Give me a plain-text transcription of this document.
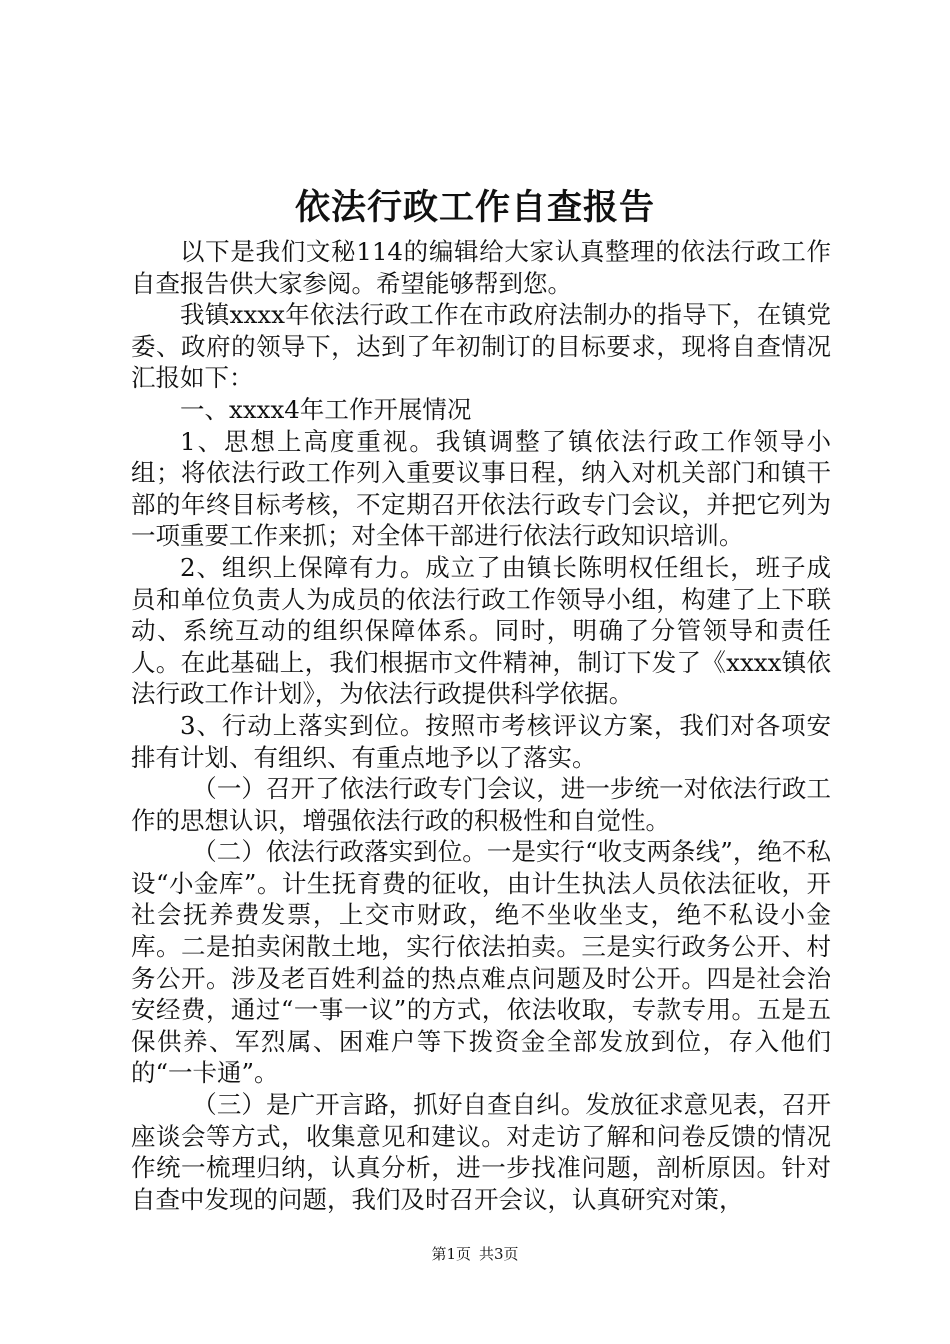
依法行政工作自查报告

以下是我们文秘114的编辑给大家认真整理的依法行政工作自查报告供大家参阅。希望能够帮到您。

我镇xxxx年依法行政工作在市政府法制办的指导下，在镇党委、政府的领导下，达到了年初制订的目标要求，现将自查情况汇报如下：

一、xxxx4年工作开展情况

1、思想上高度重视。我镇调整了镇依法行政工作领导小组；将依法行政工作列入重要议事日程，纳入对机关部门和镇干部的年终目标考核，不定期召开依法行政专门会议，并把它列为一项重要工作来抓；对全体干部进行依法行政知识培训。

2、组织上保障有力。成立了由镇长陈明权任组长，班子成员和单位负责人为成员的依法行政工作领导小组，构建了上下联动、系统互动的组织保障体系。同时，明确了分管领导和责任人。在此基础上，我们根据市文件精神，制订下发了《xxxx镇依法行政工作计划》，为依法行政提供科学依据。

3、行动上落实到位。按照市考核评议方案，我们对各项安排有计划、有组织、有重点地予以了落实。

（一）召开了依法行政专门会议，进一步统一对依法行政工作的思想认识，增强依法行政的积极性和自觉性。

（二）依法行政落实到位。一是实行“收支两条线”，绝不私设“小金库”。计生抚育费的征收，由计生执法人员依法征收，开社会抚养费发票，上交市财政，绝不坐收坐支，绝不私设小金库。二是拍卖闲散土地，实行依法拍卖。三是实行政务公开、村务公开。涉及老百姓利益的热点难点问题及时公开。四是社会治安经费，通过“一事一议”的方式，依法收取，专款专用。五是五保供养、军烈属、困难户等下拨资金全部发放到位，存入他们的“一卡通”。

（三）是广开言路，抓好自查自纠。发放征求意见表，召开座谈会等方式，收集意见和建议。对走访了解和问卷反馈的情况作统一梳理归纳，认真分析，进一步找准问题，剖析原因。针对自查中发现的问题，我们及时召开会议，认真研究对策，

第1页 共3页
